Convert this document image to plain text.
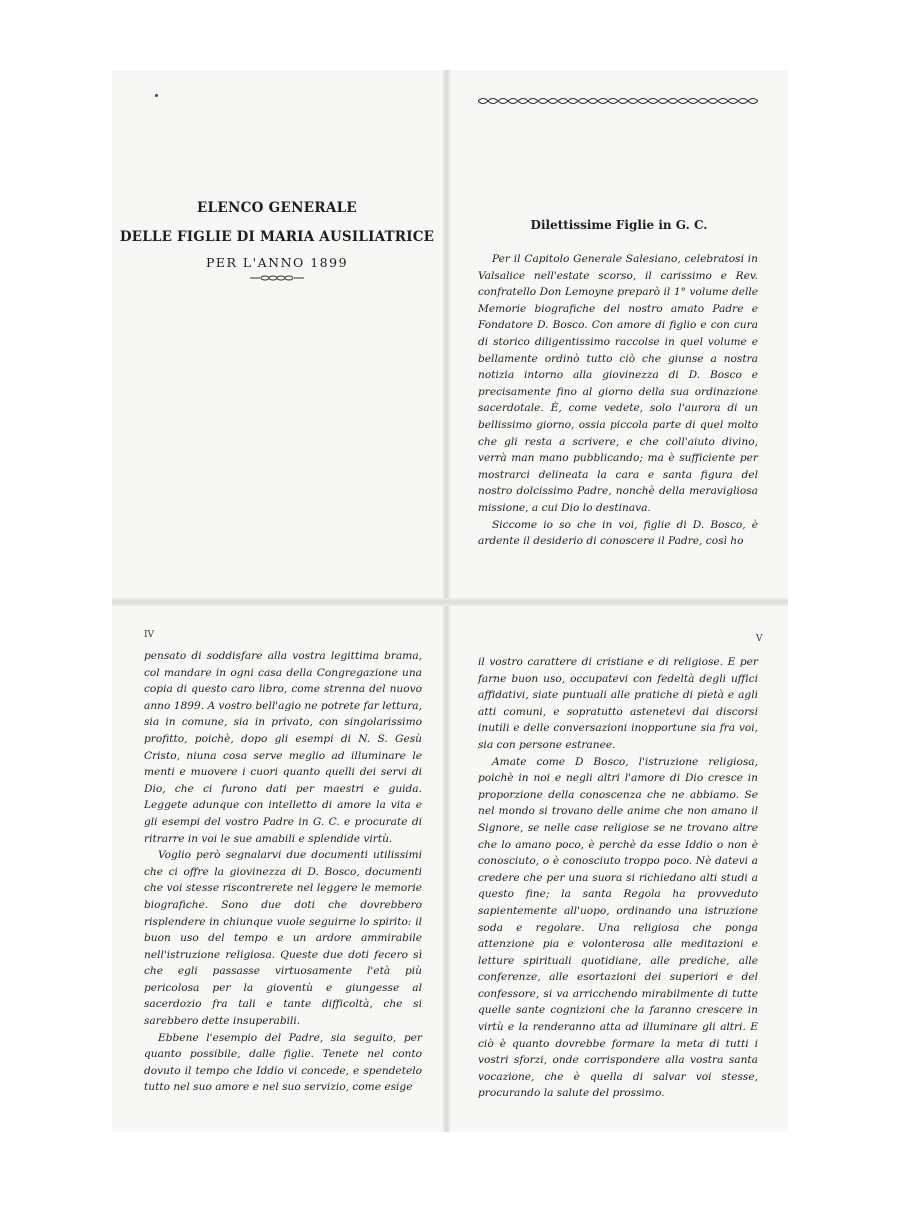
ELENCO GENERALE
DELLE FIGLIE DI MARIA AUSILIATRICE
PER L'ANNO 1899
Dilettissime Figlie in G. C.

Per il Capitolo Generale Salesiano, celebratosi in Valsalice nell'estate scorso, il carissimo e Rev. confratello Don Lemoyne preparò il 1° volume delle Memorie biografiche del nostro amato Padre e Fondatore D. Bosco. Con amore di figlio e con cura di storico diligentissimo raccolse in quel volume e bellamente ordinò tutto ciò che giunse a nostra notizia intorno alla giovinezza di D. Bosco e precisamente fino al giorno della sua ordinazione sacerdotale. È, come vedete, solo l'aurora di un bellissimo giorno, ossia piccola parte di quel molto che gli resta a scrivere, e che coll'aiuto divino, verrà man mano pubblicando; ma è sufficiente per mostrarci delineata la cara e santa figura del nostro dolcissimo Padre, nonchè della meravigliosa missione, a cui Dio lo destinava.

Siccome io so che in voi, figlie di D. Bosco, è ardente il desiderio di conoscere il Padre, così ho

IV

pensato di soddisfare alla vostra legittima brama, col mandare in ogni casa della Congregazione una copia di questo caro libro, come strenna del nuovo anno 1899. A vostro bell'agio ne potrete far lettura, sia in comune, sia in privato, con singolarissimo profitto, poichè, dopo gli esempi di N. S. Gesù Cristo, niuna cosa serve meglio ad illuminare le menti e muovere i cuori quanto quelli dei servi di Dio, che ci furono dati per maestri e guida. Leggete adunque con intelletto di amore la vita e gli esempi del vostro Padre in G. C. e procurate di ritrarre in voi le sue amabili e splendide virtù.

Voglio però segnalarvi due documenti utilissimi che ci offre la giovinezza di D. Bosco, documenti che voi stesse riscontrerete nel leggere le memorie biografiche. Sono due doti che dovrebbero risplendere in chiunque vuole seguirne lo spirito: il buon uso del tempo e un ardore ammirabile nell'istruzione religiosa. Queste due doti fecero sì che egli passasse virtuosamente l'età più pericolosa per la gioventù e giungesse al sacerdozio fra tali e tante difficoltà, che si sarebbero dette insuperabili.

Ebbene l'esempio del Padre, sia seguito, per quanto possibile, dalle figlie. Tenete nel conto dovuto il tempo che Iddio vi concede, e spendetelo tutto nel suo amore e nel suo servizio, come esige

V

il vostro carattere di cristiane e di religiose. E per farne buon uso, occupatevi con fedeltà degli uffici affidativi, siate puntuali alle pratiche di pietà e agli atti comuni, e sopratutto astenetevi dai discorsi inutili e delle conversazioni inopportune sia fra voi, sia con persone estranee.

Amate come D Bosco, l'istruzione religiosa, poichè in noi e negli altri l'amore di Dio cresce in proporzione della conoscenza che ne abbiamo. Se nel mondo si trovano delle anime che non amano il Signore, se nelle case religiose se ne trovano altre che lo amano poco, è perchè da esse Iddio o non è conosciuto, o è conosciuto troppo poco. Nè datevi a credere che per una suora si richiedano alti studi a questo fine; la santa Regola ha provveduto sapientemente all'uopo, ordinando una istruzione soda e regolare. Una religiosa che ponga attenzione pia e volonterosa alle meditazioni e letture spirituali quotidiane, alle prediche, alle conferenze, alle esortazioni dei superiori e del confessore, si va arricchendo mirabilmente di tutte quelle sante cognizioni che la faranno crescere in virtù e la renderanno atta ad illuminare gli altri. E ciò è quanto dovrebbe formare la meta di tutti i vostri sforzi, onde corrispondere alla vostra santa vocazione, che è quella di salvar voi stesse, procurando la salute del prossimo.
